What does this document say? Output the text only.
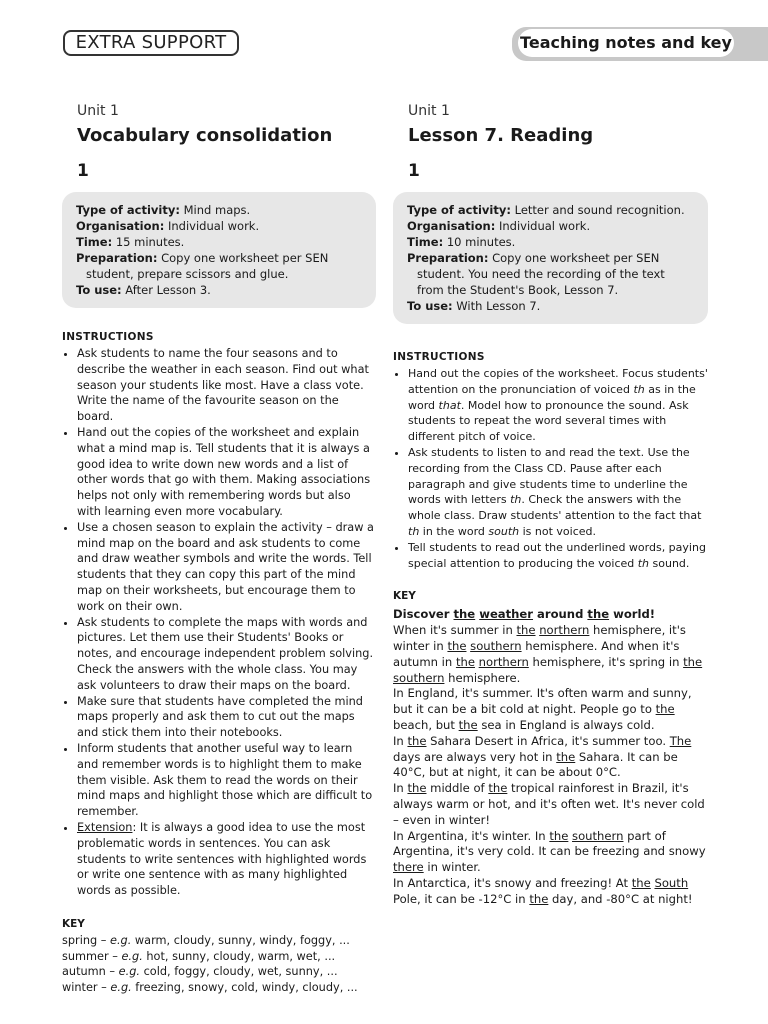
EXTRA SUPPORT	Teaching notes and key
Unit 1
Vocabulary consolidation
1
Type of activity: Mind maps.
Organisation: Individual work.
Time: 15 minutes.
Preparation: Copy one worksheet per SEN
student, prepare scissors and glue.
To use: After Lesson 3.
INSTRUCTIONS
• Ask students to name the four seasons and to describe the weather in each season. Find out what season your students like most. Have a class vote. Write the name of the favourite season on the board.
• Hand out the copies of the worksheet and explain what a mind map is. Tell students that it is always a good idea to write down new words and a list of other words that go with them. Making associations helps not only with remembering words but also with learning even more vocabulary.
• Use a chosen season to explain the activity – draw a mind map on the board and ask students to come and draw weather symbols and write the words. Tell students that they can copy this part of the mind map on their worksheets, but encourage them to work on their own.
• Ask students to complete the maps with words and pictures. Let them use their Students' Books or notes, and encourage independent problem solving. Check the answers with the whole class. You may ask volunteers to draw their maps on the board.
• Make sure that students have completed the mind maps properly and ask them to cut out the maps and stick them into their notebooks.
• Inform students that another useful way to learn and remember words is to highlight them to make them visible. Ask them to read the words on their mind maps and highlight those which are difficult to remember.
• Extension: It is always a good idea to use the most problematic words in sentences. You can ask students to write sentences with highlighted words or write one sentence with as many highlighted words as possible.
KEY
spring – e.g. warm, cloudy, sunny, windy, foggy, ...
summer – e.g. hot, sunny, cloudy, warm, wet, ...
autumn – e.g. cold, foggy, cloudy, wet, sunny, ...
winter – e.g. freezing, snowy, cold, windy, cloudy, ...
Unit 1
Lesson 7. Reading
1
Type of activity: Letter and sound recognition.
Organisation: Individual work.
Time: 10 minutes.
Preparation: Copy one worksheet per SEN
student. You need the recording of the text
from the Student's Book, Lesson 7.
To use: With Lesson 7.
INSTRUCTIONS
• Hand out the copies of the worksheet. Focus students' attention on the pronunciation of voiced th as in the word that. Model how to pronounce the sound. Ask students to repeat the word several times with different pitch of voice.
• Ask students to listen to and read the text. Use the recording from the Class CD. Pause after each paragraph and give students time to underline the words with letters th. Check the answers with the whole class. Draw students' attention to the fact that th in the word south is not voiced.
• Tell students to read out the underlined words, paying special attention to producing the voiced th sound.
KEY
Discover the weather around the world!
When it's summer in the northern hemisphere, it's winter in the southern hemisphere. And when it's autumn in the northern hemisphere, it's spring in the southern hemisphere.
In England, it's summer. It's often warm and sunny, but it can be a bit cold at night. People go to the beach, but the sea in England is always cold.
In the Sahara Desert in Africa, it's summer too. The days are always very hot in the Sahara. It can be 40°C, but at night, it can be about 0°C.
In the middle of the tropical rainforest in Brazil, it's always warm or hot, and it's often wet. It's never cold – even in winter!
In Argentina, it's winter. In the southern part of Argentina, it's very cold. It can be freezing and snowy there in winter.
In Antarctica, it's snowy and freezing! At the South Pole, it can be -12°C in the day, and -80°C at night!
